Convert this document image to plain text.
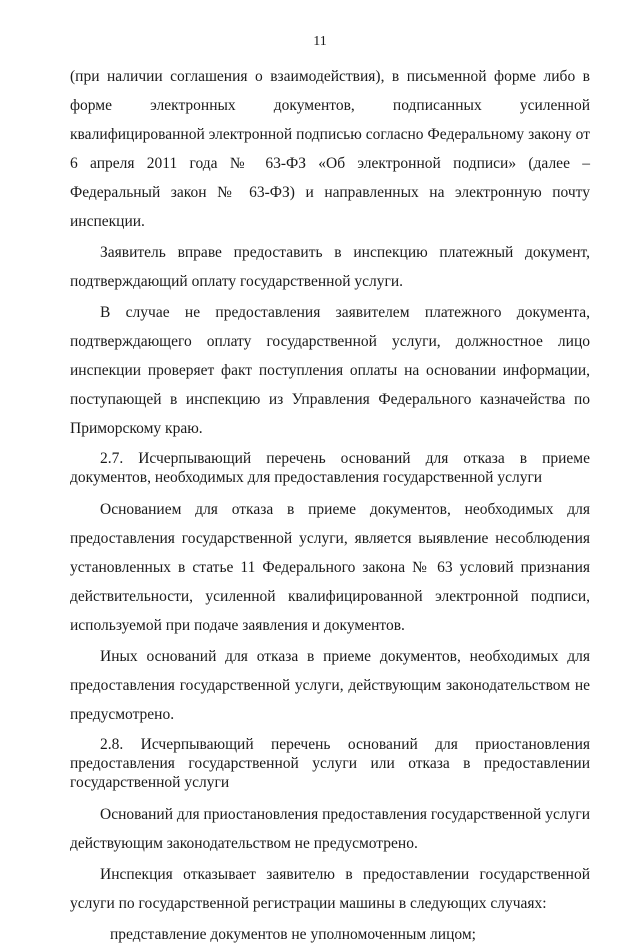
11

(при наличии соглашения о взаимодействия), в письменной форме либо в форме электронных документов, подписанных усиленной квалифицированной электронной подписью согласно Федеральному закону от 6 апреля 2011 года № 63-ФЗ «Об электронной подписи» (далее – Федеральный закон № 63-ФЗ) и направленных на электронную почту инспекции.

Заявитель вправе предоставить в инспекцию платежный документ, подтверждающий оплату государственной услуги.

В случае не предоставления заявителем платежного документа, подтверждающего оплату государственной услуги, должностное лицо инспекции проверяет факт поступления оплаты на основании информации, поступающей в инспекцию из Управления Федерального казначейства по Приморскому краю.

2.7. Исчерпывающий перечень оснований для отказа в приеме документов, необходимых для предоставления государственной услуги

Основанием для отказа в приеме документов, необходимых для предоставления государственной услуги, является выявление несоблюдения установленных в статье 11 Федерального закона № 63 условий признания действительности, усиленной квалифицированной электронной подписи, используемой при подаче заявления и документов.

Иных оснований для отказа в приеме документов, необходимых для предоставления государственной услуги, действующим законодательством не предусмотрено.

2.8. Исчерпывающий перечень оснований для приостановления предоставления государственной услуги или отказа в предоставлении государственной услуги

Оснований для приостановления предоставления государственной услуги действующим законодательством не предусмотрено.

Инспекция отказывает заявителю в предоставлении государственной услуги по государственной регистрации машины в следующих случаях:

представление документов не уполномоченным лицом;
